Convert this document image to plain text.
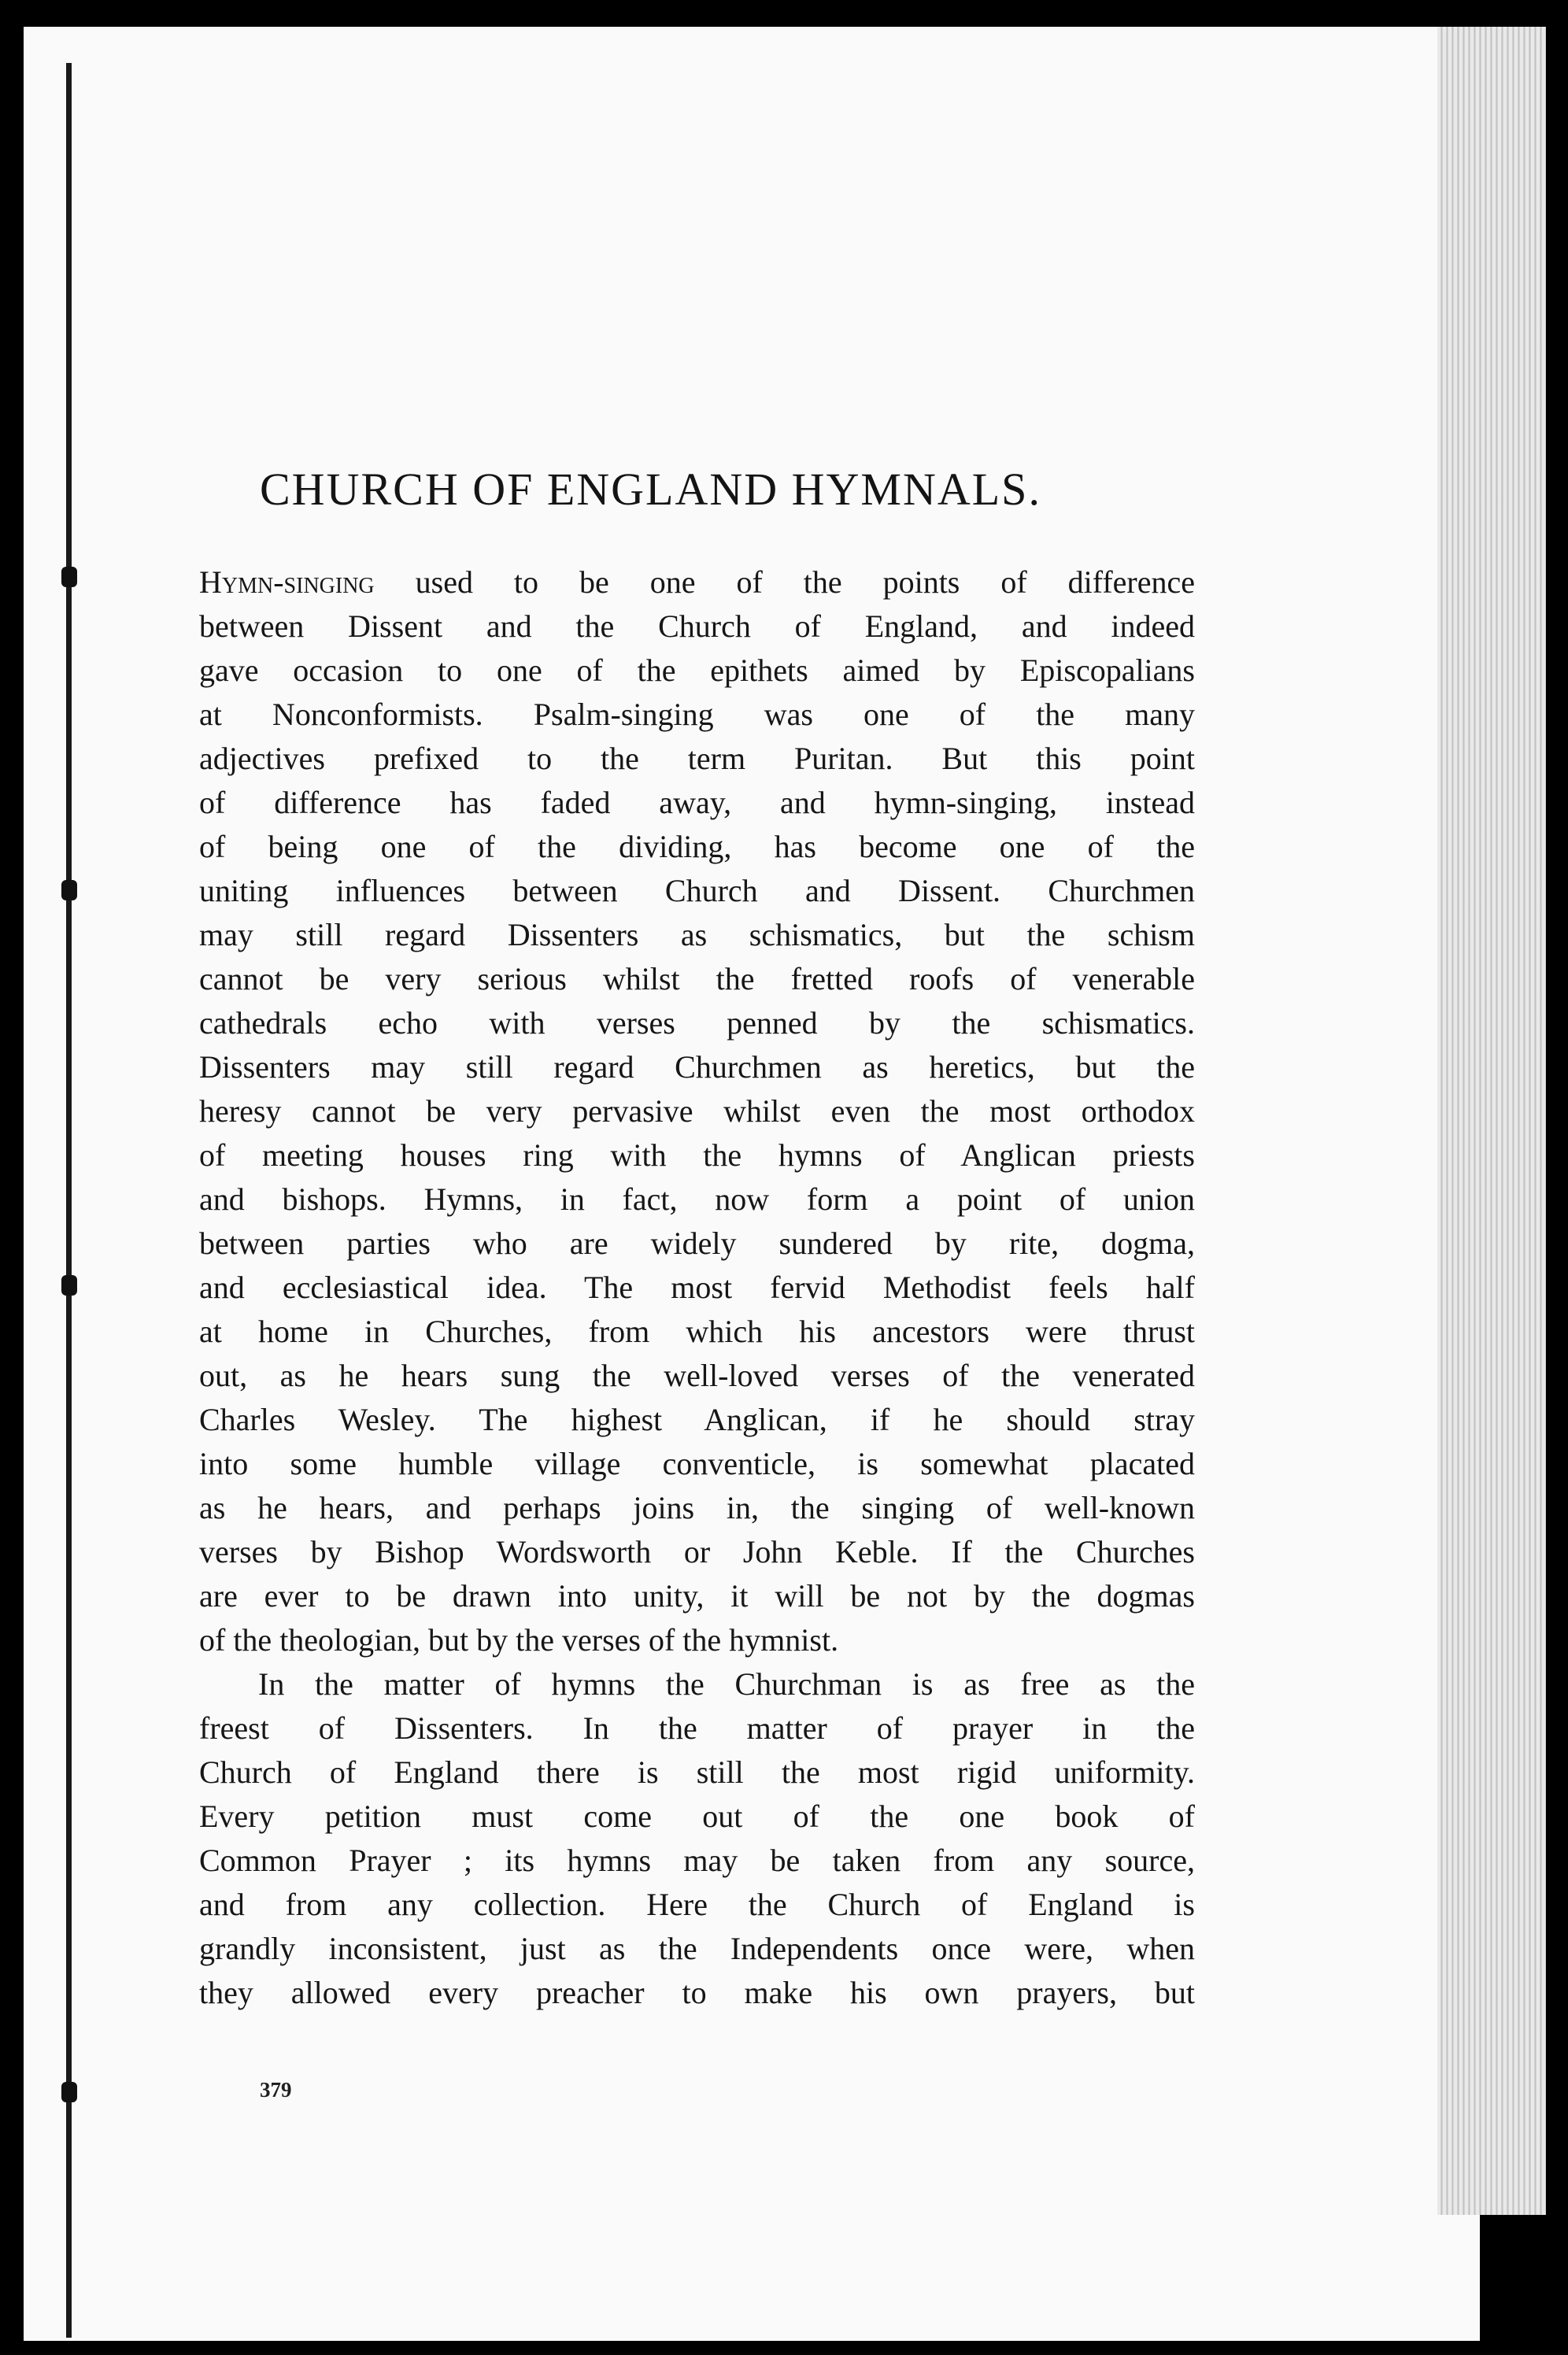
CHURCH OF ENGLAND HYMNALS.
Hymn-singing used to be one of the points of difference
between Dissent and the Church of England, and indeed
gave occasion to one of the epithets aimed by Episcopalians
at Nonconformists. Psalm-singing was one of the many
adjectives prefixed to the term Puritan. But this point
of difference has faded away, and hymn-singing, instead
of being one of the dividing, has become one of the
uniting influences between Church and Dissent. Churchmen
may still regard Dissenters as schismatics, but the schism
cannot be very serious whilst the fretted roofs of venerable
cathedrals echo with verses penned by the schismatics.
Dissenters may still regard Churchmen as heretics, but the
heresy cannot be very pervasive whilst even the most orthodox
of meeting houses ring with the hymns of Anglican priests
and bishops. Hymns, in fact, now form a point of union
between parties who are widely sundered by rite, dogma,
and ecclesiastical idea. The most fervid Methodist feels half
at home in Churches, from which his ancestors were thrust
out, as he hears sung the well-loved verses of the venerated
Charles Wesley. The highest Anglican, if he should stray
into some humble village conventicle, is somewhat placated
as he hears, and perhaps joins in, the singing of well-known
verses by Bishop Wordsworth or John Keble. If the Churches
are ever to be drawn into unity, it will be not by the dogmas
of the theologian, but by the verses of the hymnist.
In the matter of hymns the Churchman is as free as the
freest of Dissenters. In the matter of prayer in the
Church of England there is still the most rigid uniformity.
Every petition must come out of the one book of
Common Prayer ; its hymns may be taken from any source,
and from any collection. Here the Church of England is
grandly inconsistent, just as the Independents once were, when
they allowed every preacher to make his own prayers, but
379
